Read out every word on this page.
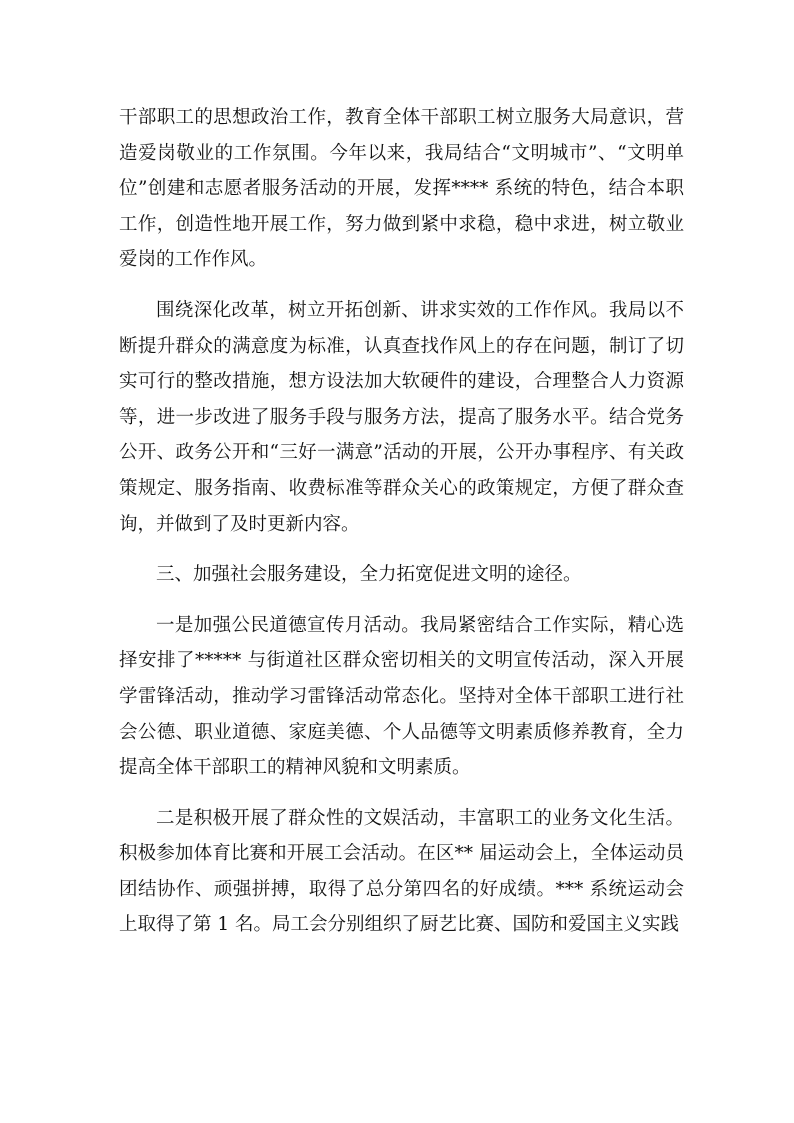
干部职工的思想政治工作，教育全体干部职工树立服务大局意识，营造爱岗敬业的工作氛围。今年以来，我局结合“文明城市”、“文明单位”创建和志愿者服务活动的开展，发挥**** 系统的特色，结合本职工作，创造性地开展工作，努力做到紧中求稳，稳中求进，树立敬业爱岗的工作作风。

围绕深化改革，树立开拓创新、讲求实效的工作作风。我局以不断提升群众的满意度为标准，认真查找作风上的存在问题，制订了切实可行的整改措施，想方设法加大软硬件的建设，合理整合人力资源等，进一步改进了服务手段与服务方法，提高了服务水平。结合党务公开、政务公开和“三好一满意”活动的开展，公开办事程序、有关政策规定、服务指南、收费标准等群众关心的政策规定，方便了群众查询，并做到了及时更新内容。

三、加强社会服务建设，全力拓宽促进文明的途径。

一是加强公民道德宣传月活动。我局紧密结合工作实际，精心选择安排了***** 与街道社区群众密切相关的文明宣传活动，深入开展学雷锋活动，推动学习雷锋活动常态化。坚持对全体干部职工进行社会公德、职业道德、家庭美德、个人品德等文明素质修养教育，全力提高全体干部职工的精神风貌和文明素质。

二是积极开展了群众性的文娱活动，丰富职工的业务文化生活。积极参加体育比赛和开展工会活动。在区** 届运动会上，全体运动员团结协作、顽强拼搏，取得了总分第四名的好成绩。*** 系统运动会上取得了第 1 名。局工会分别组织了厨艺比赛、国防和爱国主义实践
